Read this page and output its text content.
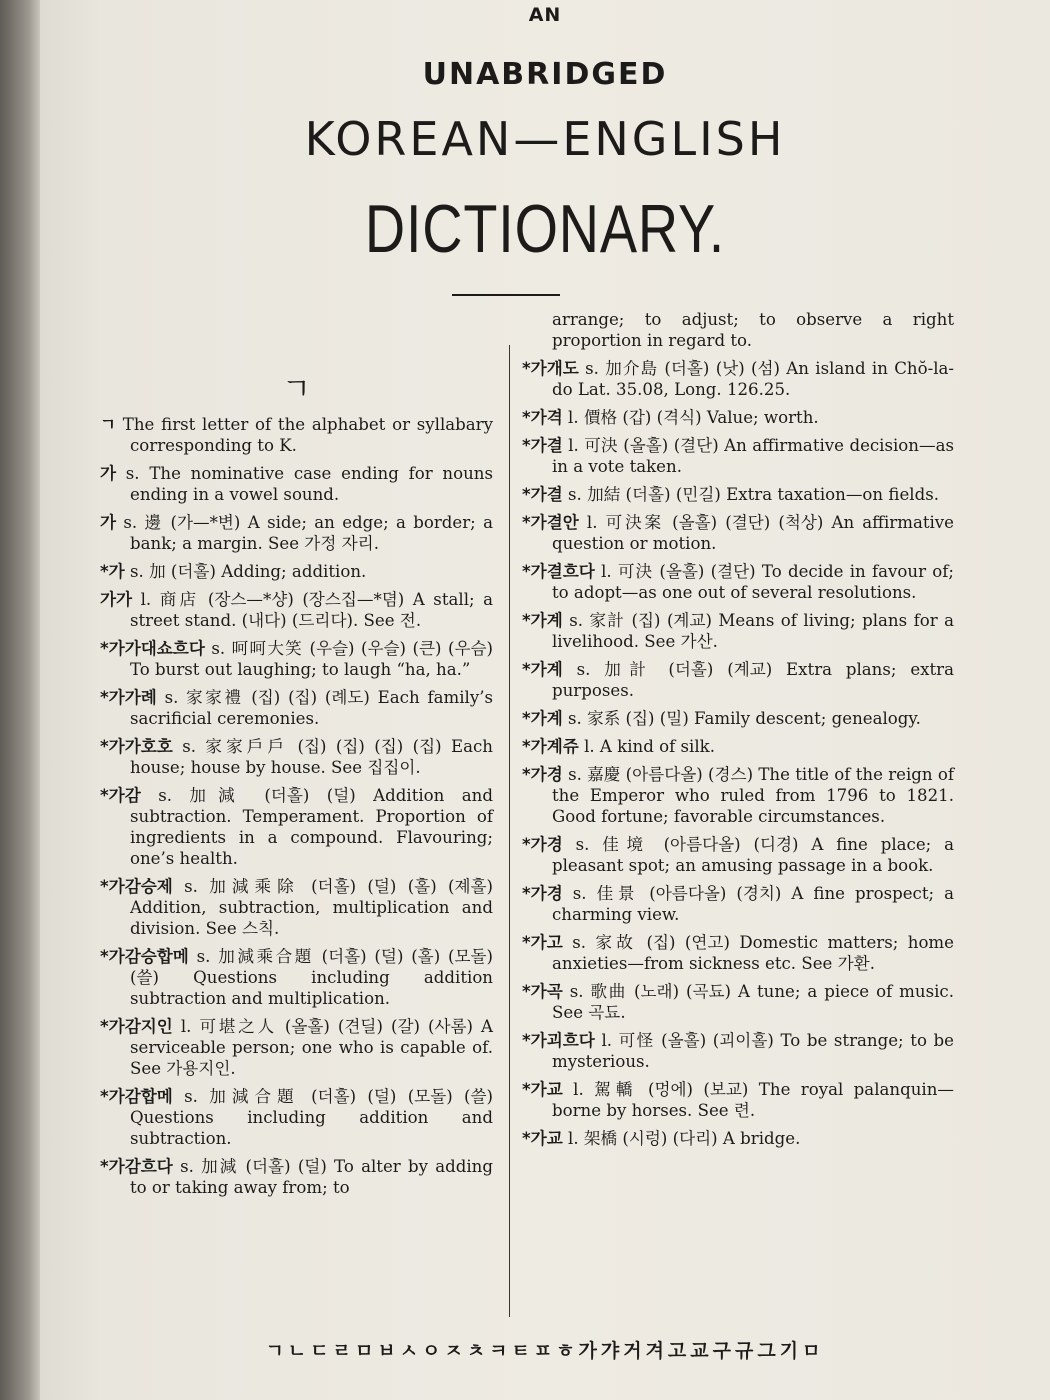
AN
UNABRIDGED
KOREAN—ENGLISH
DICTIONARY.
ㄱ

ㄱ The first letter of the alphabet or syllabary corresponding to K.

가 s. The nominative case ending for nouns ending in a vowel sound.

가 s. 邊 (가—*변) A side; an edge; a border; a bank; a margin. See 가정 자리.

*가 s. 加 (더홀) Adding; addition.

가가 l. 商店 (장스—*샹) (장스집—*뎜) A stall; a street stand. (내다) (드리다). See 전.

*가가대쇼흐다 s. 呵呵大笑 (우슬) (우슬) (큰) (우슴) To burst out laughing; to laugh “ha, ha.”

*가가례 s. 家家禮 (집) (집) (례도) Each family’s sacrificial ceremonies.

*가가호호 s. 家家戶戶 (집) (집) (집) (집) Each house; house by house. See 집집이.

*가감 s. 加減 (더홀) (덜) Addition and subtraction. Temperament. Proportion of ingredients in a compound. Flavouring; one’s health.

*가감승제 s. 加減乘除 (더홀) (덜) (홀) (졔홀) Addition, subtraction, multiplication and division. See 스칙.

*가감승합메 s. 加減乘合題 (더홀) (덜) (홀) (모돌) (쓸) Questions including addition subtraction and multiplication.

*가감지인 l. 可堪之人 (올홀) (견딜) (갈) (사롬) A serviceable person; one who is capable of. See 가용지인.

*가감합메 s. 加減合題 (더홀) (덜) (모돌) (쓸) Questions including addition and subtraction.

*가감흐다 s. 加減 (더홀) (덜) To alter by adding to or taking away from; to

arrange; to adjust; to observe a right proportion in regard to.

*가개도 s. 加介島 (더홀) (낫) (섬) An island in Chŏ-la-do Lat. 35.08, Long. 126.25.

*가격 l. 價格 (갑) (격식) Value; worth.

*가결 l. 可決 (올홀) (결단) An affirmative decision—as in a vote taken.

*가결 s. 加結 (더홀) (민길) Extra taxation—on fields.

*가결안 l. 可決案 (올홀) (결단) (척상) An affirmative question or motion.

*가결흐다 l. 可決 (올홀) (결단) To decide in favour of; to adopt—as one out of several resolutions.

*가계 s. 家計 (집) (계교) Means of living; plans for a livelihood. See 가산.

*가계 s. 加計 (더홀) (계교) Extra plans; extra purposes.

*가계 s. 家系 (집) (밀) Family descent; genealogy.

*가계쥬 l. A kind of silk.

*가경 s. 嘉慶 (아름다올) (경스) The title of the reign of the Emperor who ruled from 1796 to 1821. Good fortune; favorable circumstances.

*가경 s. 佳境 (아름다올) (디경) A fine place; a pleasant spot; an amusing passage in a book.

*가경 s. 佳景 (아름다올) (경치) A fine prospect; a charming view.

*가고 s. 家故 (집) (연고) Domestic matters; home anxieties—from sickness etc. See 가환.

*가곡 s. 歌曲 (노래) (곡됴) A tune; a piece of music. See 곡됴.

*가괴흐다 l. 可怪 (올홀) (괴이홀) To be strange; to be mysterious.

*가교 l. 駕轎 (멍에) (보교) The royal palanquin—borne by horses. See 련.

*가교 l. 架橋 (시렁) (다리) A bridge.

ㄱㄴㄷㄹㅁㅂㅅㅇㅈㅊㅋㅌㅍㅎ가갸거겨고교구규그기ㅁ
